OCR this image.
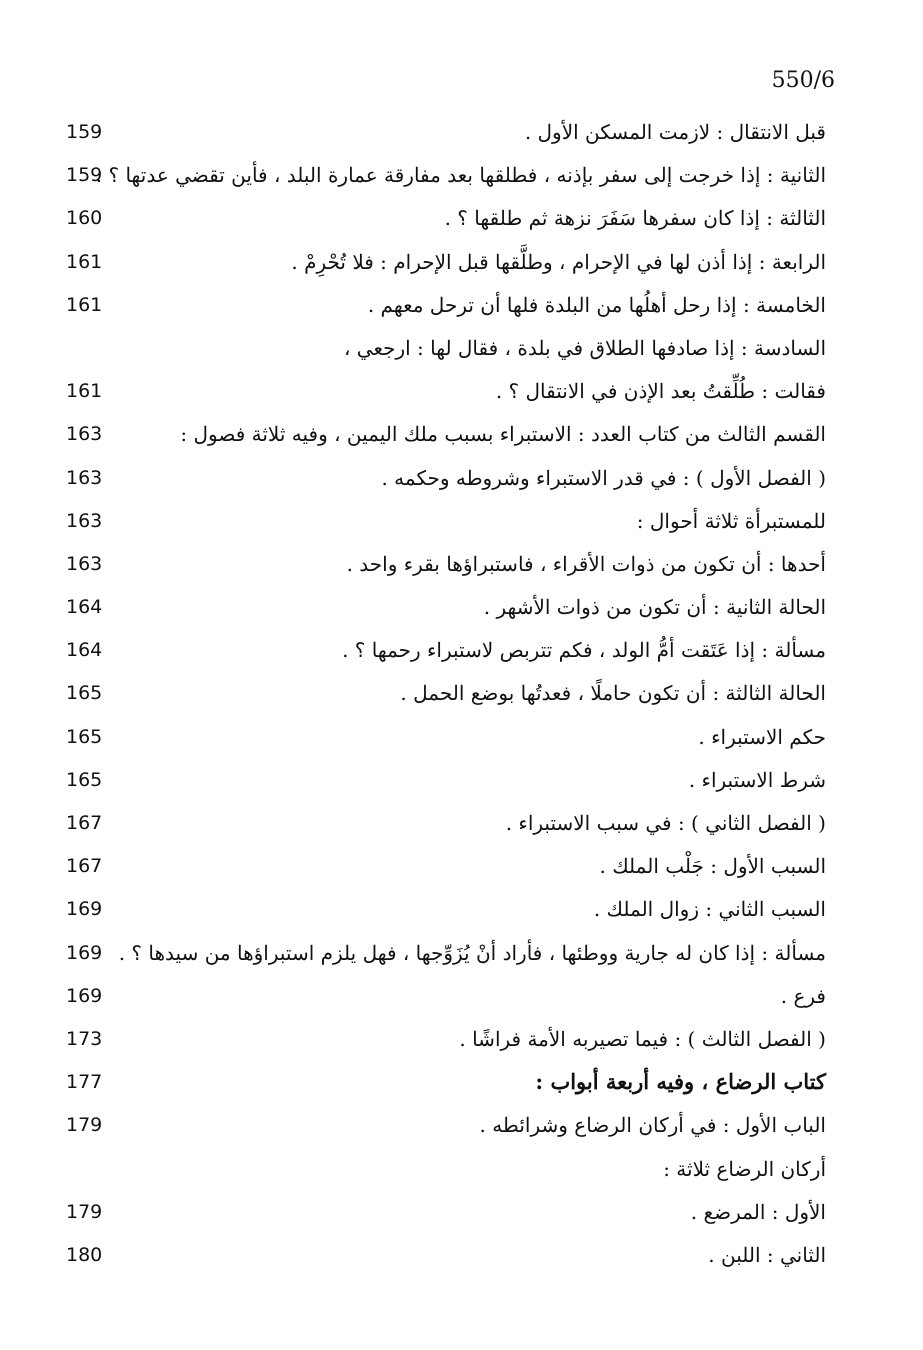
550/6
قبل الانتقال : لازمت المسكن الأول .
159
الثانية : إذا خرجت إلى سفر بإذنه ، فطلقها بعد مفارقة عمارة البلد ، فأين تقضي عدتها ؟ .
159
الثالثة : إذا كان سفرها سَفَرَ نزهة ثم طلقها ؟ .
160
الرابعة : إذا أذن لها في الإحرام ، وطلَّقها قبل الإحرام : فلا تُحْرِمْ .
161
الخامسة : إذا رحل أهلُها من البلدة فلها أن ترحل معهم .
161
السادسة : إذا صادفها الطلاق في بلدة ، فقال لها : ارجعي ،
فقالت : طُلِّقتُ بعد الإذن في الانتقال ؟ .
161
القسم الثالث من كتاب العدد : الاستبراء بسبب ملك اليمين ، وفيه ثلاثة فصول :
163
( الفصل الأول ) : في قدر الاستبراء وشروطه وحكمه .
163
للمستبرأة ثلاثة أحوال :
163
أحدها : أن تكون من ذوات الأقراء ، فاستبراؤها بقرء واحد .
163
الحالة الثانية : أن تكون من ذوات الأشهر .
164
مسألة : إذا عَتَقت أمُّ الولد ، فكم تتربص لاستبراء رحمها ؟ .
164
الحالة الثالثة : أن تكون حاملًا ، فعدتُها بوضع الحمل .
165
حكم الاستبراء .
165
شرط الاستبراء .
165
( الفصل الثاني ) : في سبب الاستبراء .
167
السبب الأول : جَلْب الملك .
167
السبب الثاني : زوال الملك .
169
مسألة : إذا كان له جارية ووطئها ، فأراد أنْ يُزَوِّجها ، فهل يلزم استبراؤها من سيدها ؟ .
169
فرع .
169
( الفصل الثالث ) : فيما تصيربه الأمة فراشًا .
173
كتاب الرضاع ، وفيه أربعة أبواب :
177
الباب الأول : في أركان الرضاع وشرائطه .
179
أركان الرضاع ثلاثة :
الأول : المرضع .
179
الثاني : اللبن .
180
